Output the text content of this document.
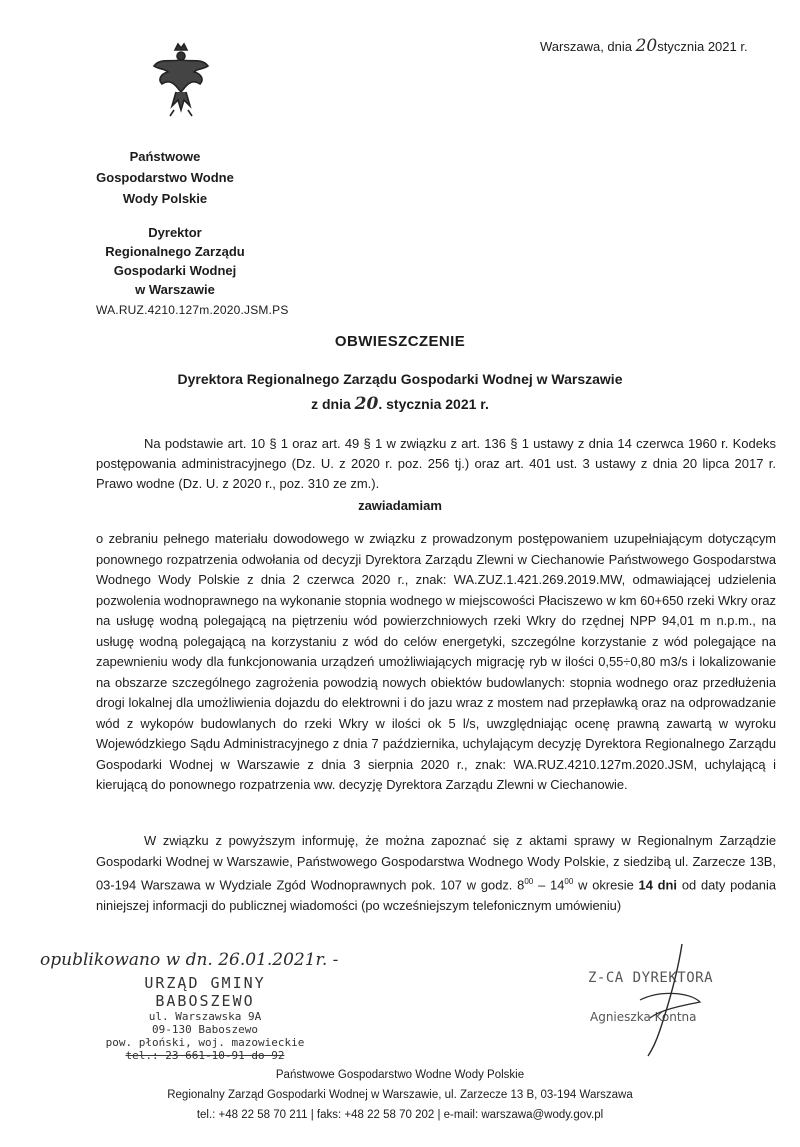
Warszawa, dnia 20stycznia 2021 r.
Państwowe
Gospodarstwo Wodne
Wody Polskie
Dyrektor
Regionalnego Zarządu
Gospodarki Wodnej
w Warszawie
WA.RUZ.4210.127m.2020.JSM.PS
OBWIESZCZENIE
Dyrektora Regionalnego Zarządu Gospodarki Wodnej w Warszawie
z dnia 20. stycznia 2021 r.
Na podstawie art. 10 § 1 oraz art. 49 § 1 w związku z art. 136 § 1 ustawy z dnia 14 czerwca 1960 r. Kodeks postępowania administracyjnego (Dz. U. z 2020 r. poz. 256 tj.) oraz art. 401 ust. 3 ustawy z dnia 20 lipca 2017 r. Prawo wodne (Dz. U. z 2020 r., poz. 310 ze zm.).
zawiadamiam
o zebraniu pełnego materiału dowodowego w związku z prowadzonym postępowaniem uzupełniającym dotyczącym ponownego rozpatrzenia odwołania od decyzji Dyrektora Zarządu Zlewni w Ciechanowie Państwowego Gospodarstwa Wodnego Wody Polskie z dnia 2 czerwca 2020 r., znak: WA.ZUZ.1.421.269.2019.MW, odmawiającej udzielenia pozwolenia wodnoprawnego na wykonanie stopnia wodnego w miejscowości Płaciszewo w km 60+650 rzeki Wkry oraz na usługę wodną polegającą na piętrzeniu wód powierzchniowych rzeki Wkry do rzędnej NPP 94,01 m n.p.m., na usługę wodną polegającą na korzystaniu z wód do celów energetyki, szczególne korzystanie z wód polegające na zapewnieniu wody dla funkcjonowania urządzeń umożliwiających migrację ryb w ilości 0,55÷0,80 m3/s i lokalizowanie na obszarze szczególnego zagrożenia powodzią nowych obiektów budowlanych: stopnia wodnego oraz przedłużenia drogi lokalnej dla umożliwienia dojazdu do elektrowni i do jazu wraz z mostem nad przepławką oraz na odprowadzanie wód z wykopów budowlanych do rzeki Wkry w ilości ok 5 l/s, uwzględniając ocenę prawną zawartą w wyroku Wojewódzkiego Sądu Administracyjnego z dnia 7 października, uchylającym decyzję Dyrektora Regionalnego Zarządu Gospodarki Wodnej w Warszawie z dnia 3 sierpnia 2020 r., znak: WA.RUZ.4210.127m.2020.JSM, uchylającą i kierującą do ponownego rozpatrzenia ww. decyzję Dyrektora Zarządu Zlewni w Ciechanowie.
W związku z powyższym informuję, że można zapoznać się z aktami sprawy w Regionalnym Zarządzie Gospodarki Wodnej w Warszawie, Państwowego Gospodarstwa Wodnego Wody Polskie, z siedzibą ul. Zarzecze 13B, 03-194 Warszawa w Wydziale Zgód Wodnoprawnych pok. 107 w godz. $8^{00} - 14^{00}$ w okresie 14 dni od daty podania niniejszej informacji do publicznej wiadomości (po wcześniejszym telefonicznym umówieniu)
opublikowano w dn. 26.01.2021r. -
URZĄD GMINY
BABOSZEWO
ul. Warszawska 9A
09-130 Baboszewo
pow. płoński, woj. mazowieckie
tel.: 23 661-10-91 do 92
Z-CA DYREKTORA
Agnieszka Kontna
Państwowe Gospodarstwo Wodne Wody Polskie
Regionalny Zarząd Gospodarki Wodnej w Warszawie, ul. Zarzecze 13 B, 03-194 Warszawa
tel.: +48 22 58 70 211 | faks: +48 22 58 70 202 | e-mail: warszawa@wody.gov.pl
